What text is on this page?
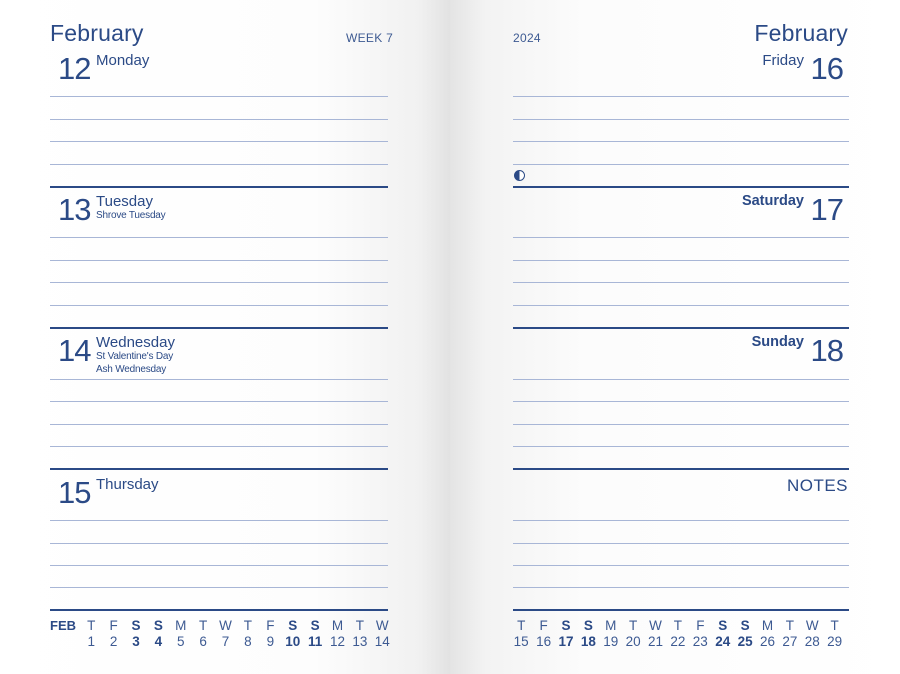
February	WEEK 7
12 Monday
13 Tuesday
Shrove Tuesday
14 Wednesday
St Valentine's Day
Ash Wednesday
15 Thursday
FEB T
1
F
2
S
3
S
4
M
5
T
6
W
7
T
8
F
9
S
10
S
11
M
12
T
13
W
14
2024	February
Friday 16
Saturday 17
Sunday 18
NOTES
T
15
F
16
S
17
S
18
M
19
T
20
W
21
T
22
F
23
S
24
S
25
M
26
T
27
W
28
T
29
